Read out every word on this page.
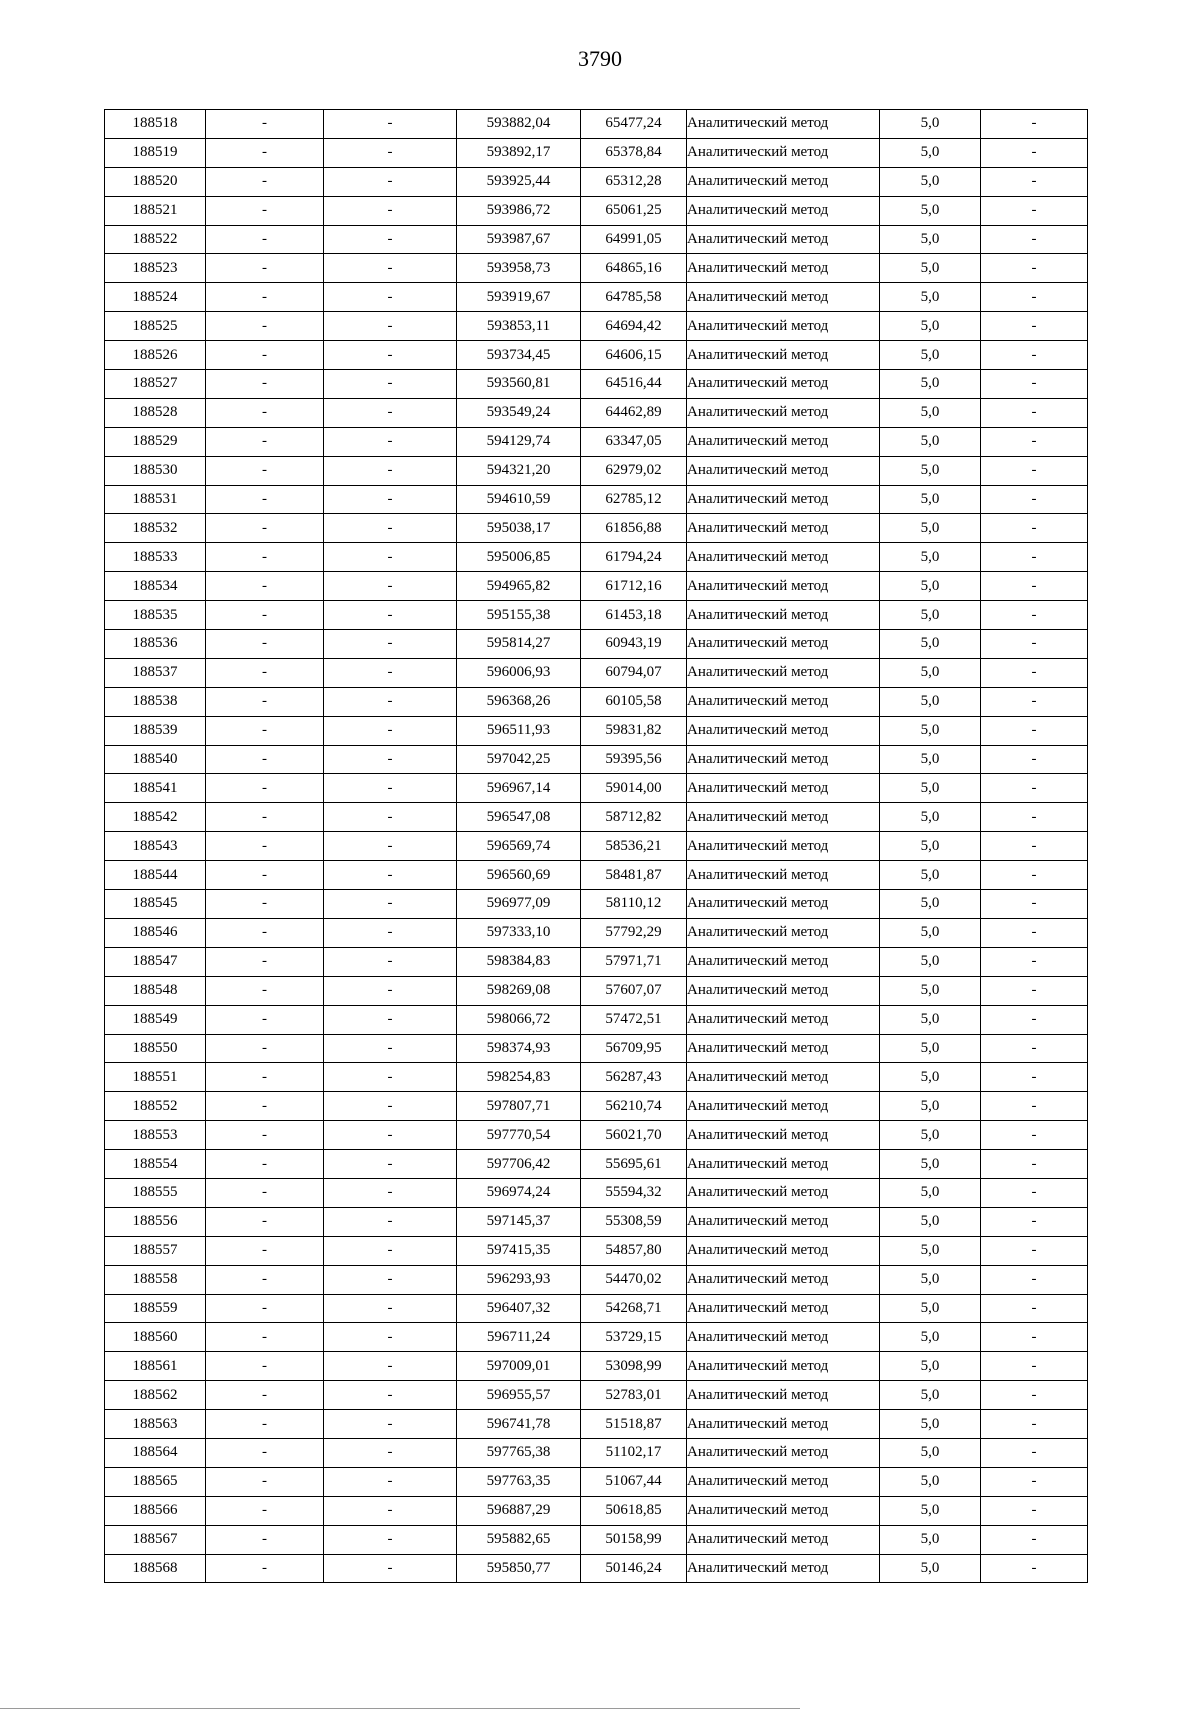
3790
188518	-	-	593882,04	65477,24	Аналитический метод	5,0	-
188519	-	-	593892,17	65378,84	Аналитический метод	5,0	-
188520	-	-	593925,44	65312,28	Аналитический метод	5,0	-
188521	-	-	593986,72	65061,25	Аналитический метод	5,0	-
188522	-	-	593987,67	64991,05	Аналитический метод	5,0	-
188523	-	-	593958,73	64865,16	Аналитический метод	5,0	-
188524	-	-	593919,67	64785,58	Аналитический метод	5,0	-
188525	-	-	593853,11	64694,42	Аналитический метод	5,0	-
188526	-	-	593734,45	64606,15	Аналитический метод	5,0	-
188527	-	-	593560,81	64516,44	Аналитический метод	5,0	-
188528	-	-	593549,24	64462,89	Аналитический метод	5,0	-
188529	-	-	594129,74	63347,05	Аналитический метод	5,0	-
188530	-	-	594321,20	62979,02	Аналитический метод	5,0	-
188531	-	-	594610,59	62785,12	Аналитический метод	5,0	-
188532	-	-	595038,17	61856,88	Аналитический метод	5,0	-
188533	-	-	595006,85	61794,24	Аналитический метод	5,0	-
188534	-	-	594965,82	61712,16	Аналитический метод	5,0	-
188535	-	-	595155,38	61453,18	Аналитический метод	5,0	-
188536	-	-	595814,27	60943,19	Аналитический метод	5,0	-
188537	-	-	596006,93	60794,07	Аналитический метод	5,0	-
188538	-	-	596368,26	60105,58	Аналитический метод	5,0	-
188539	-	-	596511,93	59831,82	Аналитический метод	5,0	-
188540	-	-	597042,25	59395,56	Аналитический метод	5,0	-
188541	-	-	596967,14	59014,00	Аналитический метод	5,0	-
188542	-	-	596547,08	58712,82	Аналитический метод	5,0	-
188543	-	-	596569,74	58536,21	Аналитический метод	5,0	-
188544	-	-	596560,69	58481,87	Аналитический метод	5,0	-
188545	-	-	596977,09	58110,12	Аналитический метод	5,0	-
188546	-	-	597333,10	57792,29	Аналитический метод	5,0	-
188547	-	-	598384,83	57971,71	Аналитический метод	5,0	-
188548	-	-	598269,08	57607,07	Аналитический метод	5,0	-
188549	-	-	598066,72	57472,51	Аналитический метод	5,0	-
188550	-	-	598374,93	56709,95	Аналитический метод	5,0	-
188551	-	-	598254,83	56287,43	Аналитический метод	5,0	-
188552	-	-	597807,71	56210,74	Аналитический метод	5,0	-
188553	-	-	597770,54	56021,70	Аналитический метод	5,0	-
188554	-	-	597706,42	55695,61	Аналитический метод	5,0	-
188555	-	-	596974,24	55594,32	Аналитический метод	5,0	-
188556	-	-	597145,37	55308,59	Аналитический метод	5,0	-
188557	-	-	597415,35	54857,80	Аналитический метод	5,0	-
188558	-	-	596293,93	54470,02	Аналитический метод	5,0	-
188559	-	-	596407,32	54268,71	Аналитический метод	5,0	-
188560	-	-	596711,24	53729,15	Аналитический метод	5,0	-
188561	-	-	597009,01	53098,99	Аналитический метод	5,0	-
188562	-	-	596955,57	52783,01	Аналитический метод	5,0	-
188563	-	-	596741,78	51518,87	Аналитический метод	5,0	-
188564	-	-	597765,38	51102,17	Аналитический метод	5,0	-
188565	-	-	597763,35	51067,44	Аналитический метод	5,0	-
188566	-	-	596887,29	50618,85	Аналитический метод	5,0	-
188567	-	-	595882,65	50158,99	Аналитический метод	5,0	-
188568	-	-	595850,77	50146,24	Аналитический метод	5,0	-
